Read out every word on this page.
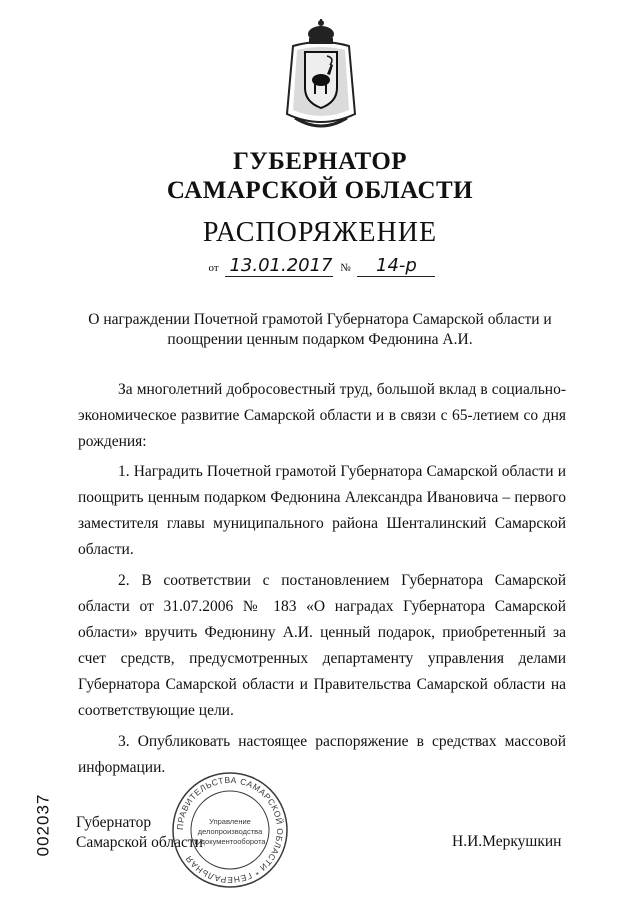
ГУБЕРНАТОР
САМАРСКОЙ ОБЛАСТИ
РАСПОРЯЖЕНИЕ
от 13.01.2017 № 14-р
О награждении Почетной грамотой Губернатора Самарской области и
поощрении ценным подарком Федюнина А.И.

За многолетний добросовестный труд, большой вклад в социально-экономическое развитие Самарской области и в связи с 65-летием со дня рождения:

1. Наградить Почетной грамотой Губернатора Самарской области и поощрить ценным подарком Федюнина Александра Ивановича – первого заместителя главы муниципального района Шенталинский Самарской области.

2. В соответствии с постановлением Губернатора Самарской области от 31.07.2006 № 183 «О наградах Губернатора Самарской области» вручить Федюнину А.И. ценный подарок, приобретенный за счет средств, предусмотренных департаменту управления делами Губернатора Самарской области и Правительства Самарской области на соответствующие цели.

3. Опубликовать настоящее распоряжение в средствах массовой информации.

002037 Губернатор
Самарской области
ПРАВИТЕЛЬСТВА САМАРСКОЙ ОБЛАСТИ * ГЕНЕРАЛЬНАЯ
Управление
делопроизводства
и документооборота	Н.И.Меркушкин
